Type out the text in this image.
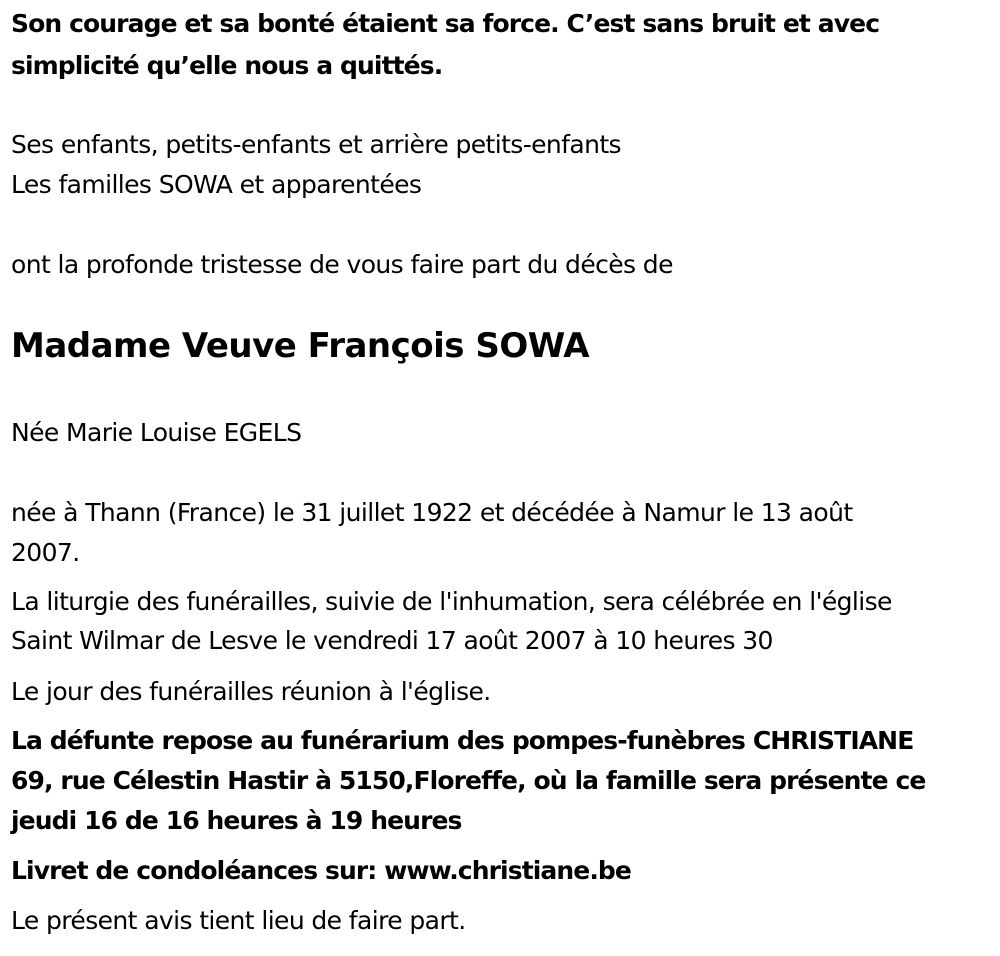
Son courage et sa bonté étaient sa force. C’est sans bruit et avec

simplicité qu’elle nous a quittés.

Ses enfants, petits-enfants et arrière petits-enfants

Les familles SOWA et apparentées

ont la profonde tristesse de vous faire part du décès de

Madame Veuve François SOWA

Née Marie Louise EGELS

née à Thann (France) le 31 juillet 1922 et décédée à Namur le 13 août

2007.

La liturgie des funérailles, suivie de l'inhumation, sera célébrée en l'église

Saint Wilmar de Lesve le vendredi 17 août 2007 à 10 heures 30

Le jour des funérailles réunion à l'église.

La défunte repose au funérarium des pompes-funèbres CHRISTIANE

69, rue Célestin Hastir à 5150,Floreffe, où la famille sera présente ce

jeudi 16 de 16 heures à 19 heures

Livret de condoléances sur: www.christiane.be

Le présent avis tient lieu de faire part.
